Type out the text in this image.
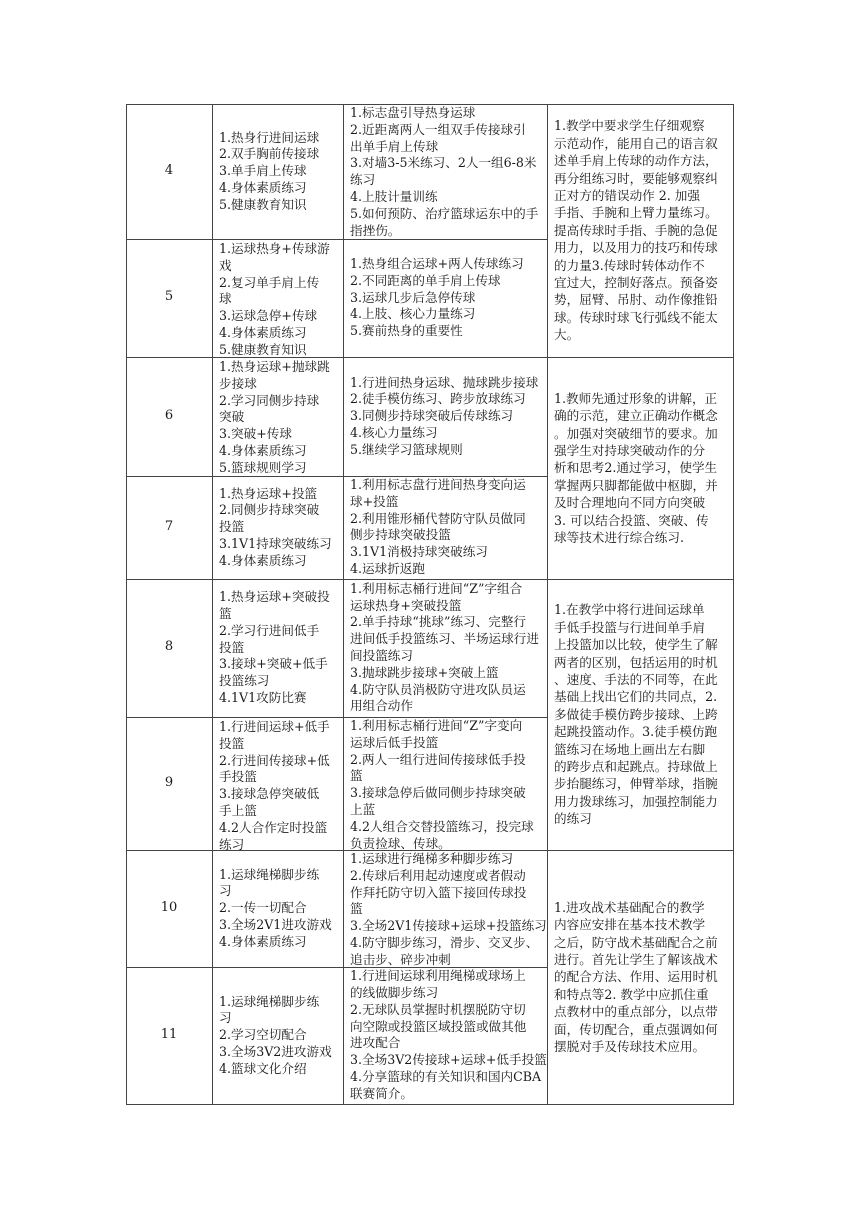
4
1.热身行进间运球
2.双手胸前传接球
3.单手肩上传球
4.身体素质练习
5.健康教育知识
1.标志盘引导热身运球
2.近距离两人一组双手传接球引
出单手肩上传球
3.对墙3-5米练习、2人一组6-8米
练习
4.上肢计量训练
5.如何预防、治疗篮球运东中的手
指挫伤。
5
1.运球热身+传球游
戏
2.复习单手肩上传
球
3.运球急停+传球
4.身体素质练习
5.健康教育知识
1.热身组合运球+两人传球练习
2.不同距离的单手肩上传球
3.运球几步后急停传球
4.上肢、核心力量练习
5.赛前热身的重要性
6
1.热身运球+抛球跳
步接球
2.学习同侧步持球
突破
3.突破+传球
4.身体素质练习
5.篮球规则学习
1.行进间热身运球、抛球跳步接球
2.徒手模仿练习、跨步放球练习
3.同侧步持球突破后传球练习
4.核心力量练习
5.继续学习篮球规则
7
1.热身运球+投篮
2.同侧步持球突破
投篮
3.1V1持球突破练习
4.身体素质练习
1.利用标志盘行进间热身变向运
球+投篮
2.利用锥形桶代替防守队员做同
侧步持球突破投篮
3.1V1消极持球突破练习
4.运球折返跑
8
1.热身运球+突破投
篮
2.学习行进间低手
投篮
3.接球+突破+低手
投篮练习
4.1V1攻防比赛
1.利用标志桶行进间“Z”字组合
运球热身+突破投篮
2.单手持球“挑球”练习、完整行
进间低手投篮练习、半场运球行进
间投篮练习
3.抛球跳步接球+突破上篮
4.防守队员消极防守进攻队员运
用组合动作
9
1.行进间运球+低手
投篮
2.行进间传接球+低
手投篮
3.接球急停突破低
手上篮
4.2人合作定时投篮
练习
1.利用标志桶行进间“Z”字变向
运球后低手投篮
2.两人一组行进间传接球低手投
篮
3.接球急停后做同侧步持球突破
上蓝
4.2人组合交替投篮练习，投完球
负责捡球、传球。
10
1.运球绳梯脚步练
习
2.一传一切配合
3.全场2V1进攻游戏
4.身体素质练习
1.运球进行绳梯多种脚步练习
2.传球后利用起动速度或者假动
作拜托防守切入篮下接回传球投
篮
3.全场2V1传接球+运球+投篮练习
4.防守脚步练习，滑步、交叉步、
追击步、碎步冲刺
11
1.运球绳梯脚步练
习
2.学习空切配合
3.全场3V2进攻游戏
4.篮球文化介绍
1.行进间运球利用绳梯或球场上
的线做脚步练习
2.无球队员掌握时机摆脱防守切
向空隙或投篮区域投篮或做其他
进攻配合
3.全场3V2传接球+运球+低手投篮
4.分享篮球的有关知识和国内CBA
联赛简介。
1.教学中要求学生仔细观察
示范动作，能用自己的语言叙
述单手肩上传球的动作方法，
再分组练习时，要能够观察纠
正对方的错误动作 2. 加强
手指、手腕和上臂力量练习。
提高传球时手指、手腕的急促
用力，以及用力的技巧和传球
的力量3.传球时转体动作不
宜过大，控制好落点。预备姿
势，屈臂、吊肘、动作像推铅
球。传球时球飞行弧线不能太
大。
1.教师先通过形象的讲解，正
确的示范，建立正确动作概念
。加强对突破细节的要求。加
强学生对持球突破动作的分
析和思考2.通过学习，使学生
掌握两只脚都能做中枢脚，并
及时合理地向不同方向突破
3. 可以结合投篮、突破、传
球等技术进行综合练习.
1.在教学中将行进间运球单
手低手投篮与行进间单手肩
上投篮加以比较，使学生了解
两者的区别，包括运用的时机
、速度、手法的不同等，在此
基础上找出它们的共同点，2.
多做徒手模仿跨步接球、上跨
起跳投篮动作。3.徒手模仿跑
篮练习在场地上画出左右脚
的跨步点和起跳点。持球做上
步抬腿练习，伸臂举球，指腕
用力拨球练习，加强控制能力
的练习
1.进攻战术基础配合的教学
内容应安排在基本技术教学
之后，防守战术基础配合之前
进行。首先让学生了解该战术
的配合方法、作用、运用时机
和特点等2. 教学中应抓住重
点教材中的重点部分，以点带
面，传切配合，重点强调如何
摆脱对手及传球技术应用。
